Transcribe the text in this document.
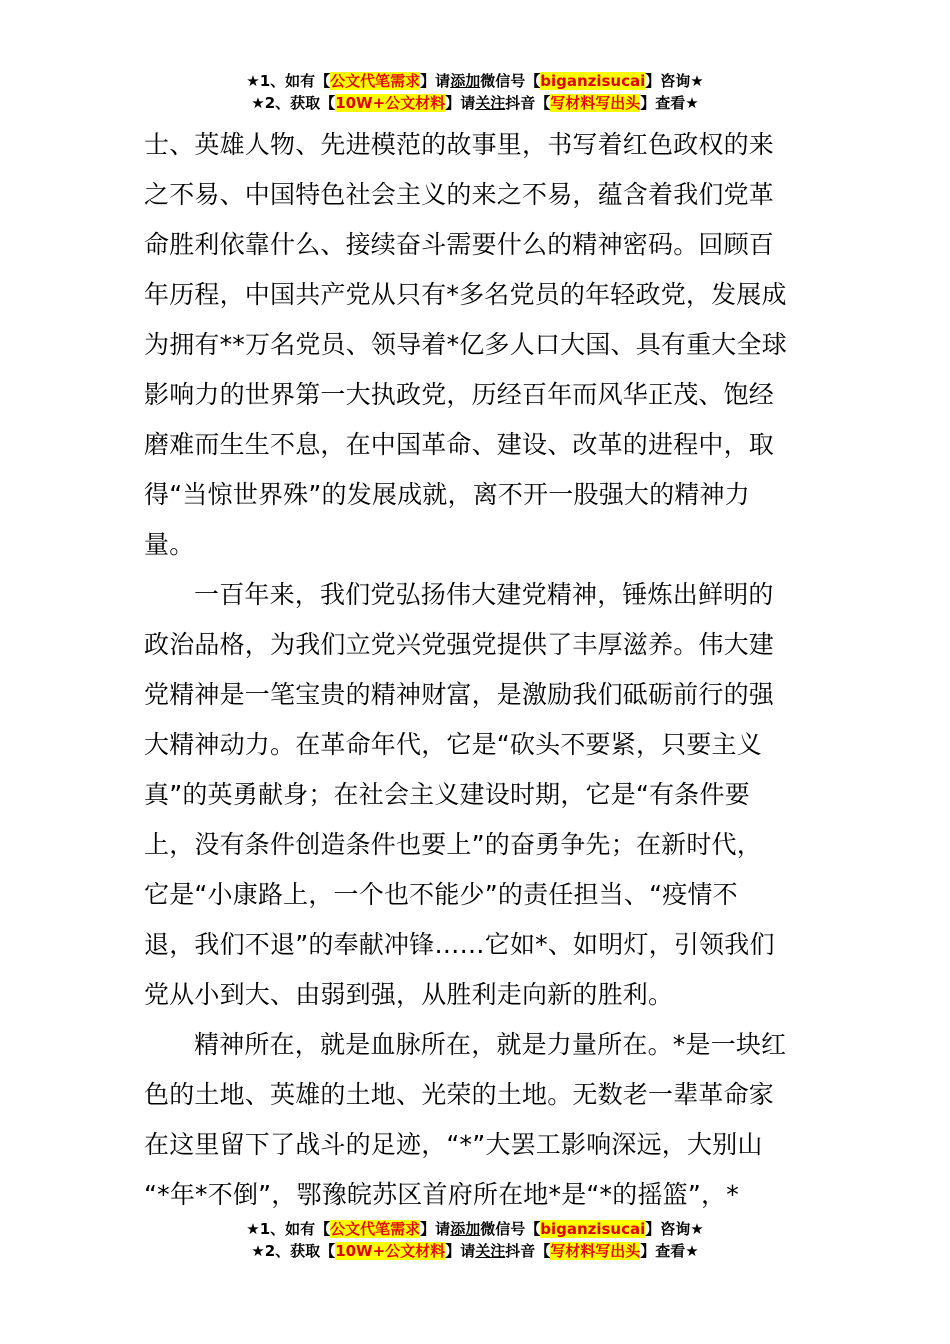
★1、如有【公文代笔需求】请添加微信号【biganzisucai】咨询★
★2、获取【10W+公文材料】请关注抖音【写材料写出头】查看★
士、英雄人物、先进模范的故事里，书写着红色政权的来
之不易、中国特色社会主义的来之不易，蕴含着我们党革
命胜利依靠什么、接续奋斗需要什么的精神密码。回顾百
年历程，中国共产党从只有*多名党员的年轻政党，发展成
为拥有**万名党员、领导着*亿多人口大国、具有重大全球
影响力的世界第一大执政党，历经百年而风华正茂、饱经
磨难而生生不息，在中国革命、建设、改革的进程中，取
得“当惊世界殊”的发展成就，离不开一股强大的精神力
量。
一百年来，我们党弘扬伟大建党精神，锤炼出鲜明的
政治品格，为我们立党兴党强党提供了丰厚滋养。伟大建
党精神是一笔宝贵的精神财富，是激励我们砥砺前行的强
大精神动力。在革命年代，它是“砍头不要紧，只要主义
真”的英勇献身；在社会主义建设时期，它是“有条件要
上，没有条件创造条件也要上”的奋勇争先；在新时代，
它是“小康路上，一个也不能少”的责任担当、“疫情不
退，我们不退”的奉献冲锋……它如*、如明灯，引领我们
党从小到大、由弱到强，从胜利走向新的胜利。
精神所在，就是血脉所在，就是力量所在。*是一块红
色的土地、英雄的土地、光荣的土地。无数老一辈革命家
在这里留下了战斗的足迹，“*”大罢工影响深远，大别山
“*年*不倒”，鄂豫皖苏区首府所在地*是“*的摇篮”，*
★1、如有【公文代笔需求】请添加微信号【biganzisucai】咨询★
★2、获取【10W+公文材料】请关注抖音【写材料写出头】查看★
